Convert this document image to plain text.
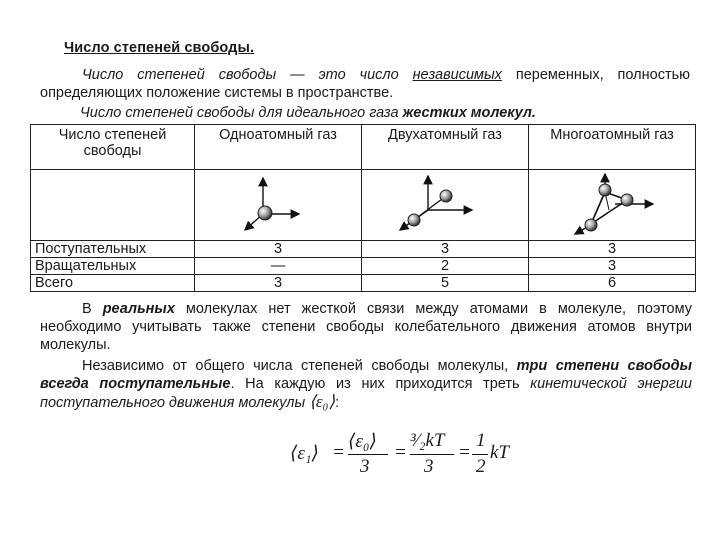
Число степеней свободы.
Число степеней свободы — это число независимых переменных, полностью определяющих положение системы в пространстве.
Число степеней свободы для идеального газа жестких молекул.
Число степеней свободы	Одноатомный газ	Двухатомный газ	Многоатомный газ

Поступательных	3	3	3
Вращательных	—	2	3
Всего	3	5	6
В реальных молекулах нет жесткой связи между атомами в молекуле, поэтому необходимо учитывать также степени свободы колебательного движения атомов внутри молекулы.
Независимо от общего числа степеней свободы молекулы, три степени свободы всегда поступательные. На каждую из них приходится треть кинетической энергии поступательного движения молекулы ⟨ε₀⟩:
⟨ε₁⟩ =
⟨ε₀⟩
3
=
³⁄₂kT
3
=
1
2
kT
